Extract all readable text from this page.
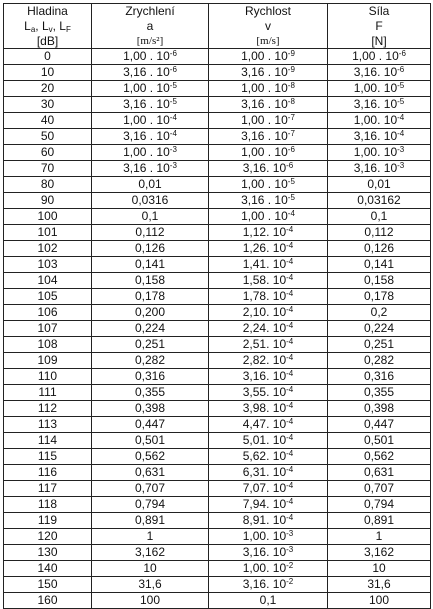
Hladina	Zrychlení	Rychlost	Síla
$L_a$, $L_v$, $L_F$	a	v	F
[dB]	[m/s²]	[m/s]	[N]
0	1,00 . $10^{-6}$	1,00 . $10^{-9}$	1,00 . $10^{-6}$
10	3,16 . $10^{-6}$	3,16 . $10^{-9}$	3,16. $10^{-6}$
20	1,00 . $10^{-5}$	1,00 . $10^{-8}$	1,00. $10^{-5}$
30	3,16 . $10^{-5}$	3,16 . $10^{-8}$	3,16. $10^{-5}$
40	1,00 . $10^{-4}$	1,00 . $10^{-7}$	1,00. $10^{-4}$
50	3,16 . $10^{-4}$	3,16 . $10^{-7}$	3,16. $10^{-4}$
60	1,00 . $10^{-3}$	1,00 . $10^{-6}$	1,00. $10^{-3}$
70	3,16 . $10^{-3}$	3,16. $10^{-6}$	3,16. $10^{-3}$
80	0,01	1,00 . $10^{-5}$	0,01
90	0,0316	3,16 . $10^{-5}$	0,03162
100	0,1	1,00 . $10^{-4}$	0,1
101	0,112	1,12. $10^{-4}$	0,112
102	0,126	1,26. $10^{-4}$	0,126
103	0,141	1,41. $10^{-4}$	0,141
104	0,158	1,58. $10^{-4}$	0,158
105	0,178	1,78. $10^{-4}$	0,178
106	0,200	2,10. $10^{-4}$	0,2
107	0,224	2,24. $10^{-4}$	0,224
108	0,251	2,51. $10^{-4}$	0,251
109	0,282	2,82. $10^{-4}$	0,282
110	0,316	3,16. $10^{-4}$	0,316
111	0,355	3,55. $10^{-4}$	0,355
112	0,398	3,98. $10^{-4}$	0,398
113	0,447	4,47. $10^{-4}$	0,447
114	0,501	5,01. $10^{-4}$	0,501
115	0,562	5,62. $10^{-4}$	0,562
116	0,631	6,31. $10^{-4}$	0,631
117	0,707	7,07. $10^{-4}$	0,707
118	0,794	7,94. $10^{-4}$	0,794
119	0,891	8,91. $10^{-4}$	0,891
120	1	1,00. $10^{-3}$	1
130	3,162	3,16. $10^{-3}$	3,162
140	10	1,00. $10^{-2}$	10
150	31,6	3,16. $10^{-2}$	31,6
160	100	0,1	100
